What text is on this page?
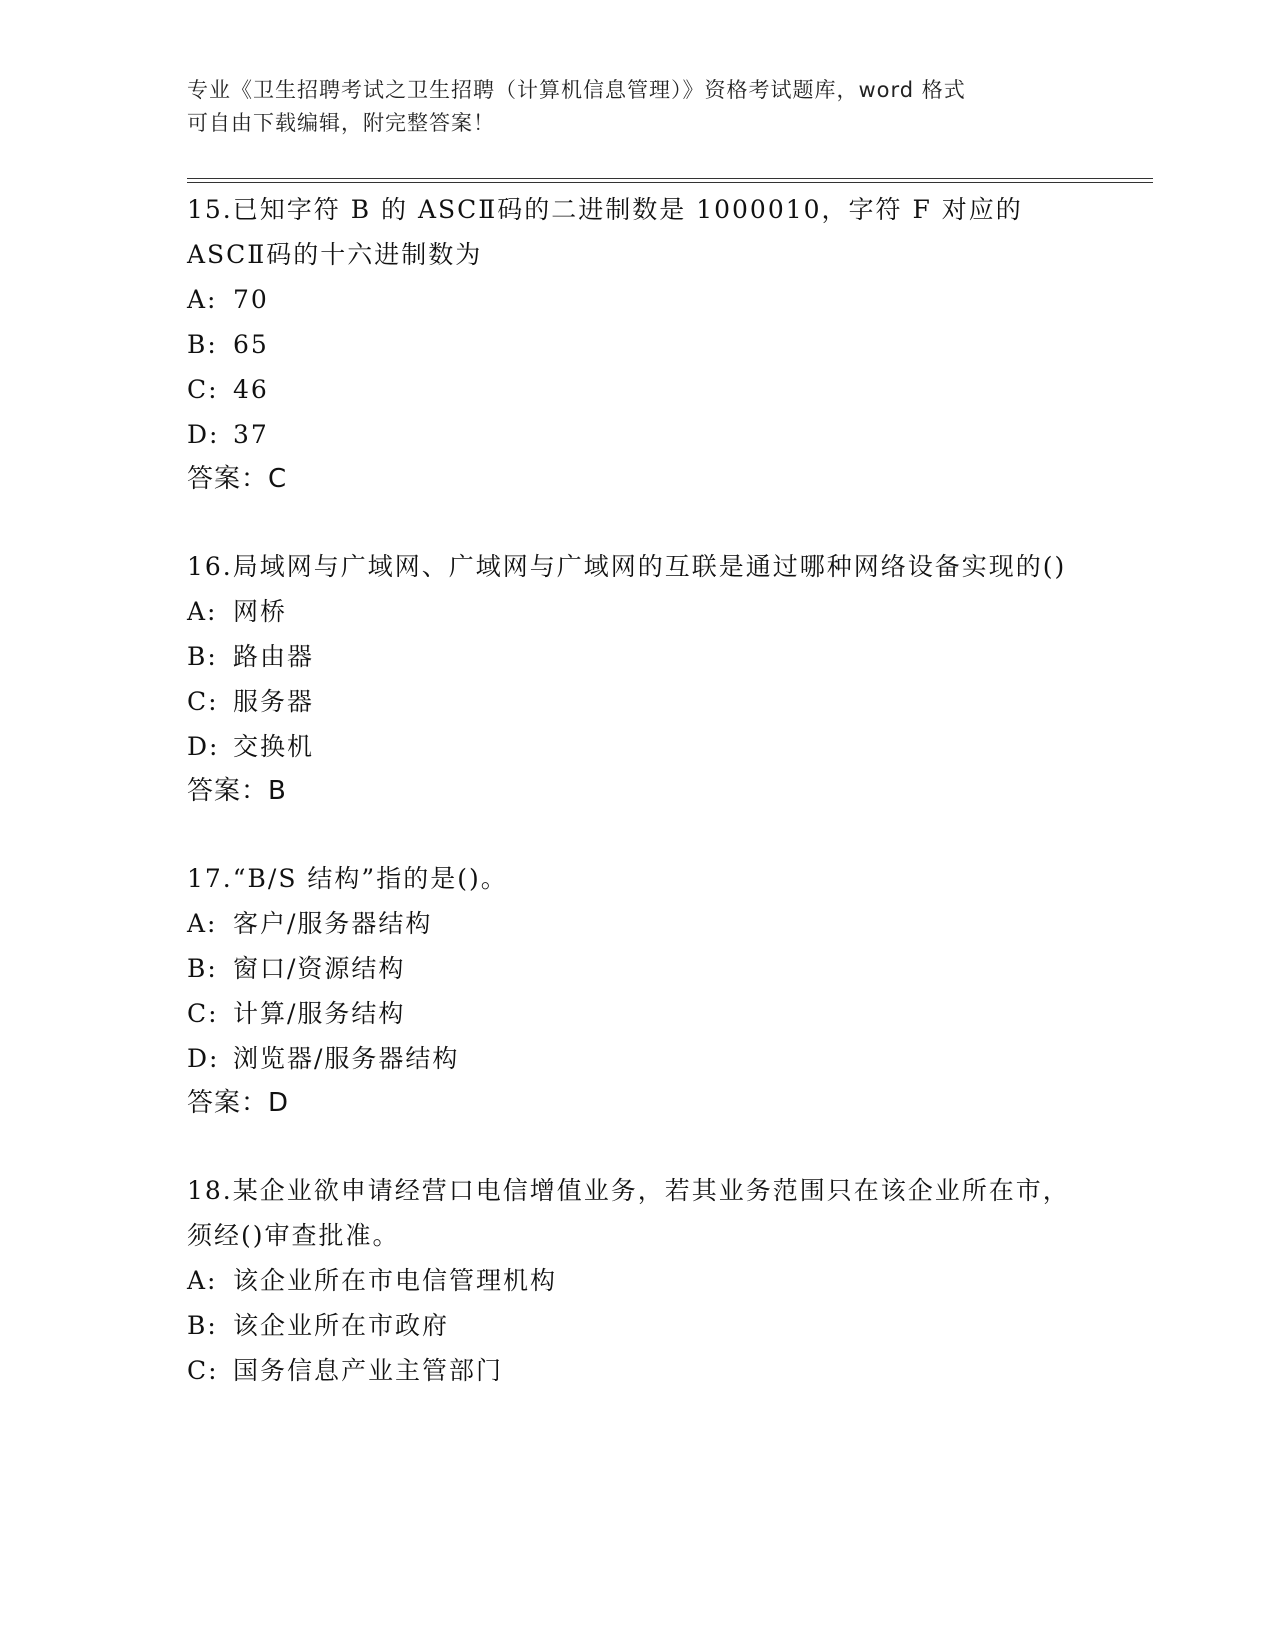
专业《卫生招聘考试之卫生招聘（计算机信息管理）》资格考试题库，word 格式
可自由下载编辑，附完整答案！

15.已知字符 B 的 ASCⅡ码的二进制数是 1000010，字符 F 对应的 ASCⅡ码的十六进制数为

A: 70

B: 65

C: 46

D: 37

答案：C

16.局域网与广域网、广域网与广域网的互联是通过哪种网络设备实现的()

A: 网桥

B: 路由器

C: 服务器

D: 交换机

答案：B

17.“B/S 结构”指的是()。

A: 客户/服务器结构

B: 窗口/资源结构

C: 计算/服务结构

D: 浏览器/服务器结构

答案：D

18.某企业欲申请经营口电信增值业务，若其业务范围只在该企业所在市，须经()审查批准。

A: 该企业所在市电信管理机构

B: 该企业所在市政府

C: 国务信息产业主管部门
